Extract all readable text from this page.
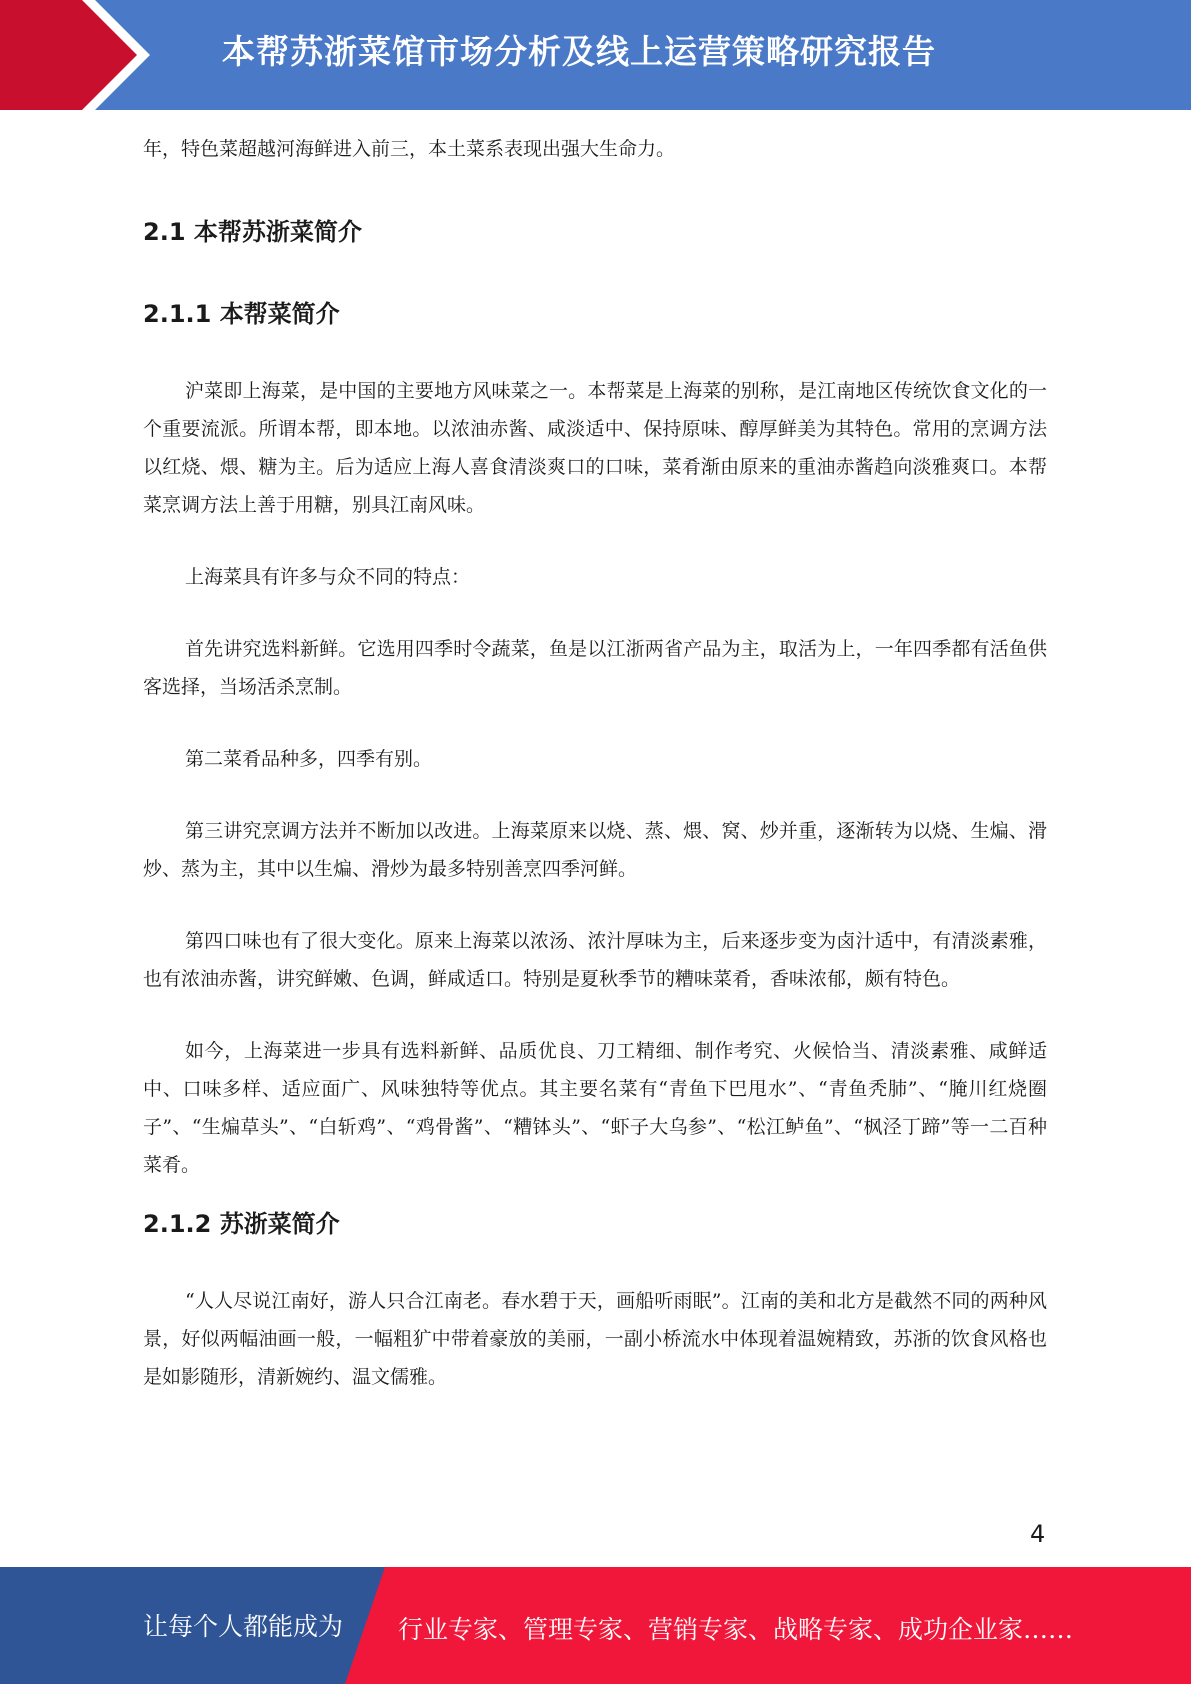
本帮苏浙菜馆市场分析及线上运营策略研究报告

年，特色菜超越河海鲜进入前三，本土菜系表现出强大生命力。

2.1 本帮苏浙菜简介
2.1.1 本帮菜简介

沪菜即上海菜，是中国的主要地方风味菜之一。本帮菜是上海菜的别称，是江南地区传统饮食文化的一个重要流派。所谓本帮，即本地。以浓油赤酱、咸淡适中、保持原味、醇厚鲜美为其特色。常用的烹调方法以红烧、煨、糖为主。后为适应上海人喜食清淡爽口的口味，菜肴渐由原来的重油赤酱趋向淡雅爽口。本帮菜烹调方法上善于用糖，别具江南风味。

上海菜具有许多与众不同的特点：

首先讲究选料新鲜。它选用四季时令蔬菜，鱼是以江浙两省产品为主，取活为上，一年四季都有活鱼供客选择，当场活杀烹制。

第二菜肴品种多，四季有别。

第三讲究烹调方法并不断加以改进。上海菜原来以烧、蒸、煨、窝、炒并重，逐渐转为以烧、生煸、滑炒、蒸为主，其中以生煸、滑炒为最多特别善烹四季河鲜。

第四口味也有了很大变化。原来上海菜以浓汤、浓汁厚味为主，后来逐步变为卤汁适中，有清淡素雅，也有浓油赤酱，讲究鲜嫩、色调，鲜咸适口。特别是夏秋季节的糟味菜肴，香味浓郁，颇有特色。

如今，上海菜进一步具有选料新鲜、品质优良、刀工精细、制作考究、火候恰当、清淡素雅、咸鲜适中、口味多样、适应面广、风味独特等优点。其主要名菜有“青鱼下巴甩水”、“青鱼秃肺”、“腌川红烧圈子”、“生煸草头”、“白斩鸡”、“鸡骨酱”、“糟钵头”、“虾子大乌参”、“松江鲈鱼”、“枫泾丁蹄”等一二百种菜肴。

2.1.2 苏浙菜简介

“人人尽说江南好，游人只合江南老。春水碧于天，画船听雨眠”。江南的美和北方是截然不同的两种风景，好似两幅油画一般，一幅粗犷中带着豪放的美丽，一副小桥流水中体现着温婉精致，苏浙的饮食风格也是如影随形，清新婉约、温文儒雅。

4
让每个人都能成为 行业专家、管理专家、营销专家、战略专家、成功企业家……
